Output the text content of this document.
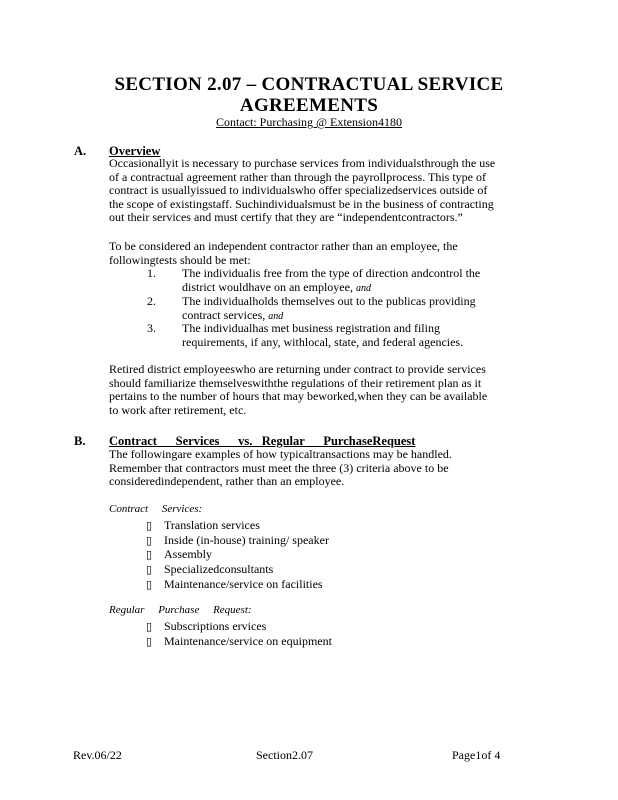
SECTION 2.07 – CONTRACTUAL SERVICE
AGREEMENTS
Contact: Purchasing @ Extension4180
A. Overview
Occasionallyit is necessary to purchase services from individualsthrough the use
of a contractual agreement rather than through the payrollprocess. This type of
contract is usuallyissued to individualswho offer specializedservices outside of
the scope of existingstaff. Suchindividualsmust be in the business of contracting
out their services and must certify that they are “independentcontractors.”
To be considered an independent contractor rather than an employee, the
followingtests should be met:
1. The individualis free from the type of direction andcontrol the
district wouldhave on an employee, and
2. The individualholds themselves out to the publicas providing
contract services, and
3. The individualhas met business registration and filing
requirements, if any, withlocal, state, and federal agencies.
Retired district employeeswho are returning under contract to provide services
should familiarize themselveswiththe regulations of their retirement plan as it
pertains to the number of hours that may beworked,when they can be available
to work after retirement, etc.
B. Contract      Services      vs.   Regular      PurchaseRequest
The followingare examples of how typicaltransactions may be handled.
Remember that contractors must meet the three (3) criteria above to be
consideredindependent, rather than an employee.
Contract     Services:
▯ Translation services
▯ Inside (in-house) training/ speaker
▯ Assembly
▯ Specializedconsultants
▯ Maintenance/service on facilities
Regular     Purchase     Request:
▯ Subscriptions ervices
▯ Maintenance/service on equipment
Rev.06/22	Section2.07	Page1of 4
